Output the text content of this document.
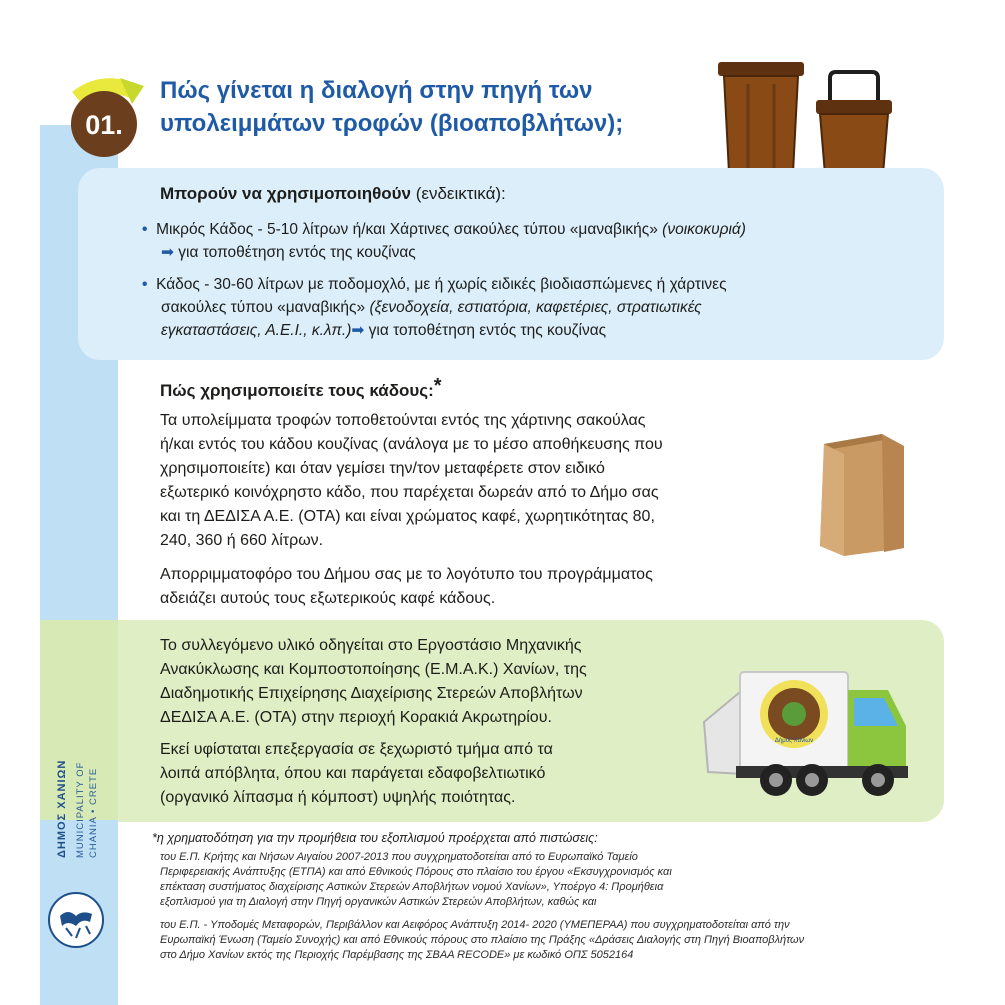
01.
Πώς γίνεται η διαλογή στην πηγή των
υπολειμμάτων τροφών (βιοαποβλήτων);
Μπορούν να χρησιμοποιηθούν (ενδεικτικά):
• Μικρός Κάδος - 5-10 λίτρων ή/και Χάρτινες σακούλες τύπου «μαναβικής» (νοικοκυριά)
➡ για τοποθέτηση εντός της κουζίνας
• Κάδος - 30-60 λίτρων με ποδομοχλό, με ή χωρίς ειδικές βιοδιασπώμενες ή χάρτινες
σακούλες τύπου «μαναβικής» (ξενοδοχεία, εστιατόρια, καφετέριες, στρατιωτικές
εγκαταστάσεις, Α.Ε.Ι., κ.λπ.)➡ για τοποθέτηση εντός της κουζίνας
Πώς χρησιμοποιείτε τους κάδους:*
Τα υπολείμματα τροφών τοποθετούνται εντός της χάρτινης σακούλας
ή/και εντός του κάδου κουζίνας (ανάλογα με το μέσο αποθήκευσης που
χρησιμοποιείτε) και όταν γεμίσει την/τον μεταφέρετε στον ειδικό
εξωτερικό κοινόχρηστο κάδο, που παρέχεται δωρεάν από το Δήμο σας
και τη ΔΕΔΙΣΑ Α.Ε. (ΟΤΑ) και είναι χρώματος καφέ, χωρητικότητας 80,
240, 360 ή 660 λίτρων.
Απορριμματοφόρο του Δήμου σας με το λογότυπο του προγράμματος
αδειάζει αυτούς τους εξωτερικούς καφέ κάδους.
Το συλλεγόμενο υλικό οδηγείται στο Εργοστάσιο Μηχανικής
Ανακύκλωσης και Κομποστοποίησης (Ε.Μ.Α.Κ.) Χανίων, της
Διαδημοτικής Επιχείρησης Διαχείρισης Στερεών Αποβλήτων
ΔΕΔΙΣΑ Α.Ε. (ΟΤΑ) στην περιοχή Κορακιά Ακρωτηρίου.
Εκεί υφίσταται επεξεργασία σε ξεχωριστό τμήμα από τα
λοιπά απόβλητα, όπου και παράγεται εδαφοβελτιωτικό
(οργανικό λίπασμα ή κόμποστ) υψηλής ποιότητας.
Δήμος Χανίων
*η χρηματοδότηση για την προμήθεια του εξοπλισμού προέρχεται από πιστώσεις:
του Ε.Π. Κρήτης και Νήσων Αιγαίου 2007-2013 που συγχρηματοδοτείται από το Ευρωπαϊκό Ταμείο
Περιφερειακής Ανάπτυξης (ΕΤΠΑ) και από Εθνικούς Πόρους στο πλαίσιο του έργου «Εκσυγχρονισμός και
επέκταση συστήματος διαχείρισης Αστικών Στερεών Αποβλήτων νομού Χανίων», Υποέργο 4: Προμήθεια
εξοπλισμού για τη Διαλογή στην Πηγή οργανικών Αστικών Στερεών Αποβλήτων, καθώς και
του Ε.Π. - Υποδομές Μεταφορών, Περιβάλλον και Αειφόρος Ανάπτυξη 2014- 2020 (ΥΜΕΠΕΡΑΑ) που συγχρηματοδοτείται από την
Ευρωπαϊκή Ένωση (Ταμείο Συνοχής) και από Εθνικούς πόρους στο πλαίσιο της Πράξης «Δράσεις Διαλογής στη Πηγή Βιοαποβλήτων
στο Δήμο Χανίων εκτός της Περιοχής Παρέμβασης της ΣΒΑΑ RECODE» με κωδικό ΟΠΣ 5052164
ΔΗΜΟΣ ΧΑΝΙΩΝ MUNICIPALITY OF CHANIA • CRETE
